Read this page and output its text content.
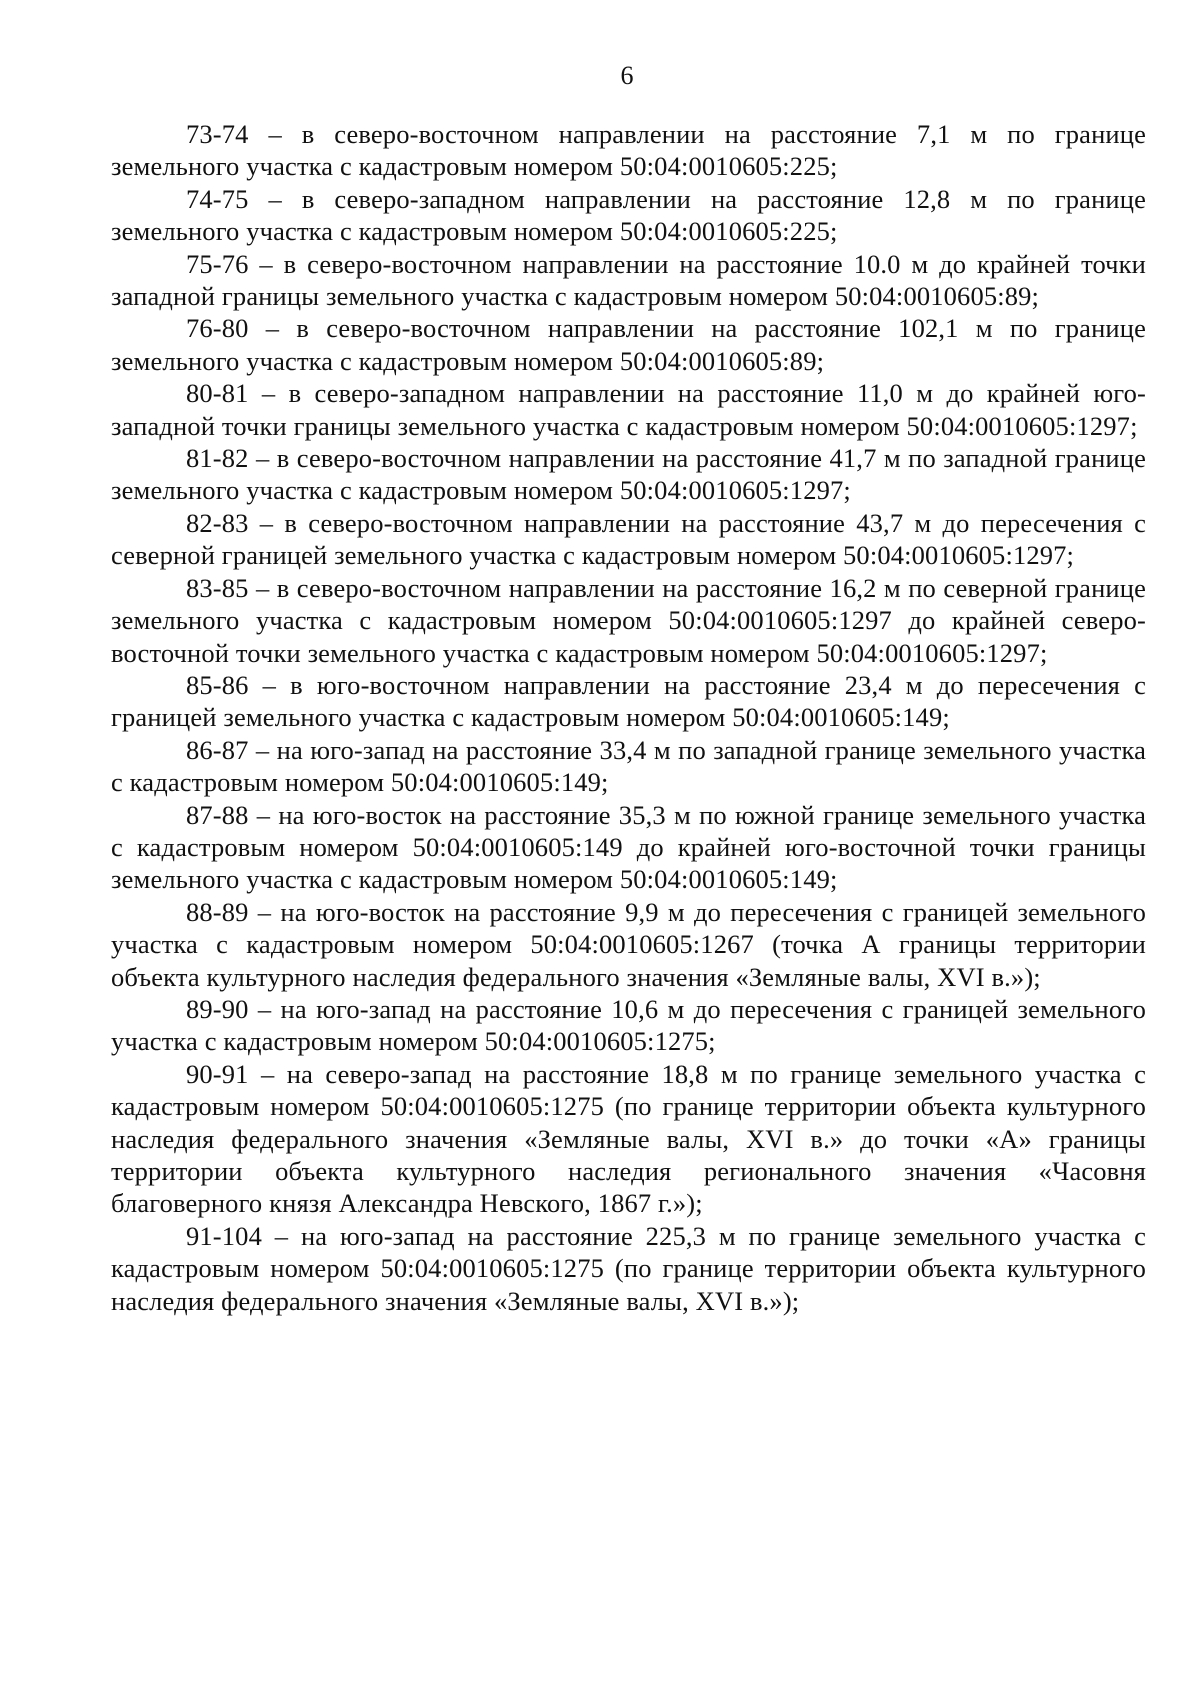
6

73-74 – в северо-восточном направлении на расстояние 7,1 м по границе земельного участка с кадастровым номером 50:04:0010605:225;

74-75 – в северо-западном направлении на расстояние 12,8 м по границе земельного участка с кадастровым номером 50:04:0010605:225;

75-76 – в северо-восточном направлении на расстояние 10.0 м до крайней точки западной границы земельного участка с кадастровым номером 50:04:0010605:89;

76-80 – в северо-восточном направлении на расстояние 102,1 м по границе земельного участка с кадастровым номером 50:04:0010605:89;

80-81 – в северо-западном направлении на расстояние 11,0 м до крайней юго-западной точки границы земельного участка с кадастровым номером 50:04:0010605:1297;

81-82 – в северо-восточном направлении на расстояние 41,7 м по западной границе земельного участка с кадастровым номером 50:04:0010605:1297;

82-83 – в северо-восточном направлении на расстояние 43,7 м до пересечения с северной границей земельного участка с кадастровым номером 50:04:0010605:1297;

83-85 – в северо-восточном направлении на расстояние 16,2 м по северной границе земельного участка с кадастровым номером 50:04:0010605:1297 до крайней северо-восточной точки земельного участка с кадастровым номером 50:04:0010605:1297;

85-86 – в юго-восточном направлении на расстояние 23,4 м до пересечения с границей земельного участка с кадастровым номером 50:04:0010605:149;

86-87 – на юго-запад на расстояние 33,4 м по западной границе земельного участка с кадастровым номером 50:04:0010605:149;

87-88 – на юго-восток на расстояние 35,3 м по южной границе земельного участка с кадастровым номером 50:04:0010605:149 до крайней юго-восточной точки границы земельного участка с кадастровым номером 50:04:0010605:149;

88-89 – на юго-восток на расстояние 9,9 м до пересечения с границей земельного участка с кадастровым номером 50:04:0010605:1267 (точка А границы территории объекта культурного наследия федерального значения «Земляные валы, XVI в.»);

89-90 – на юго-запад на расстояние 10,6 м до пересечения с границей земельного участка с кадастровым номером 50:04:0010605:1275;

90-91 – на северо-запад на расстояние 18,8 м по границе земельного участка с кадастровым номером 50:04:0010605:1275 (по границе территории объекта культурного наследия федерального значения «Земляные валы, XVI в.» до точки «А» границы территории объекта культурного наследия регионального значения «Часовня благоверного князя Александра Невского, 1867 г.»);

91-104 – на юго-запад на расстояние 225,3 м по границе земельного участка с кадастровым номером 50:04:0010605:1275 (по границе территории объекта культурного наследия федерального значения «Земляные валы, XVI в.»);
